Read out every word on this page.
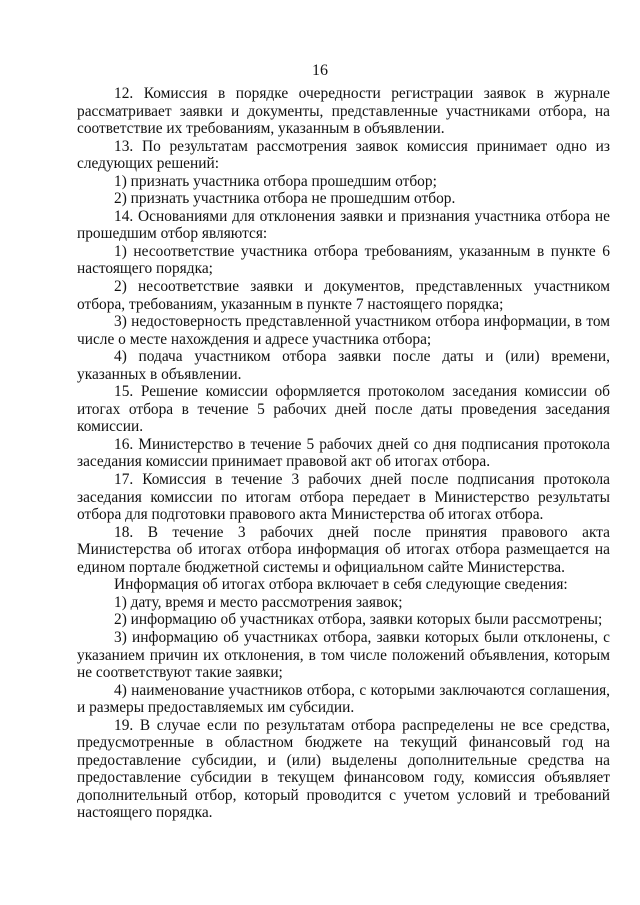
16

12. Комиссия в порядке очередности регистрации заявок в журнале рассматривает заявки и документы, представленные участниками отбора, на соответствие их требованиям, указанным в объявлении.

13. По результатам рассмотрения заявок комиссия принимает одно из следующих решений:

1) признать участника отбора прошедшим отбор;

2) признать участника отбора не прошедшим отбор.

14. Основаниями для отклонения заявки и признания участника отбора не прошедшим отбор являются:

1) несоответствие участника отбора требованиям, указанным в пункте 6 настоящего порядка;

2) несоответствие заявки и документов, представленных участником отбора, требованиям, указанным в пункте 7 настоящего порядка;

3) недостоверность представленной участником отбора информации, в том числе о месте нахождения и адресе участника отбора;

4) подача участником отбора заявки после даты и (или) времени, указанных в объявлении.

15. Решение комиссии оформляется протоколом заседания комиссии об итогах отбора в течение 5 рабочих дней после даты проведения заседания комиссии.

16. Министерство в течение 5 рабочих дней со дня подписания протокола заседания комиссии принимает правовой акт об итогах отбора.

17. Комиссия в течение 3 рабочих дней после подписания протокола заседания комиссии по итогам отбора передает в Министерство результаты отбора для подготовки правового акта Министерства об итогах отбора.

18. В течение 3 рабочих дней после принятия правового акта Министерства об итогах отбора информация об итогах отбора размещается на едином портале бюджетной системы и официальном сайте Министерства.

Информация об итогах отбора включает в себя следующие сведения:

1) дату, время и место рассмотрения заявок;

2) информацию об участниках отбора, заявки которых были рассмотрены;

3) информацию об участниках отбора, заявки которых были отклонены, с указанием причин их отклонения, в том числе положений объявления, которым не соответствуют такие заявки;

4) наименование участников отбора, с которыми заключаются соглашения, и размеры предоставляемых им субсидии.

19. В случае если по результатам отбора распределены не все средства, предусмотренные в областном бюджете на текущий финансовый год на предоставление субсидии, и (или) выделены дополнительные средства на предоставление субсидии в текущем финансовом году, комиссия объявляет дополнительный отбор, который проводится с учетом условий и требований настоящего порядка.
